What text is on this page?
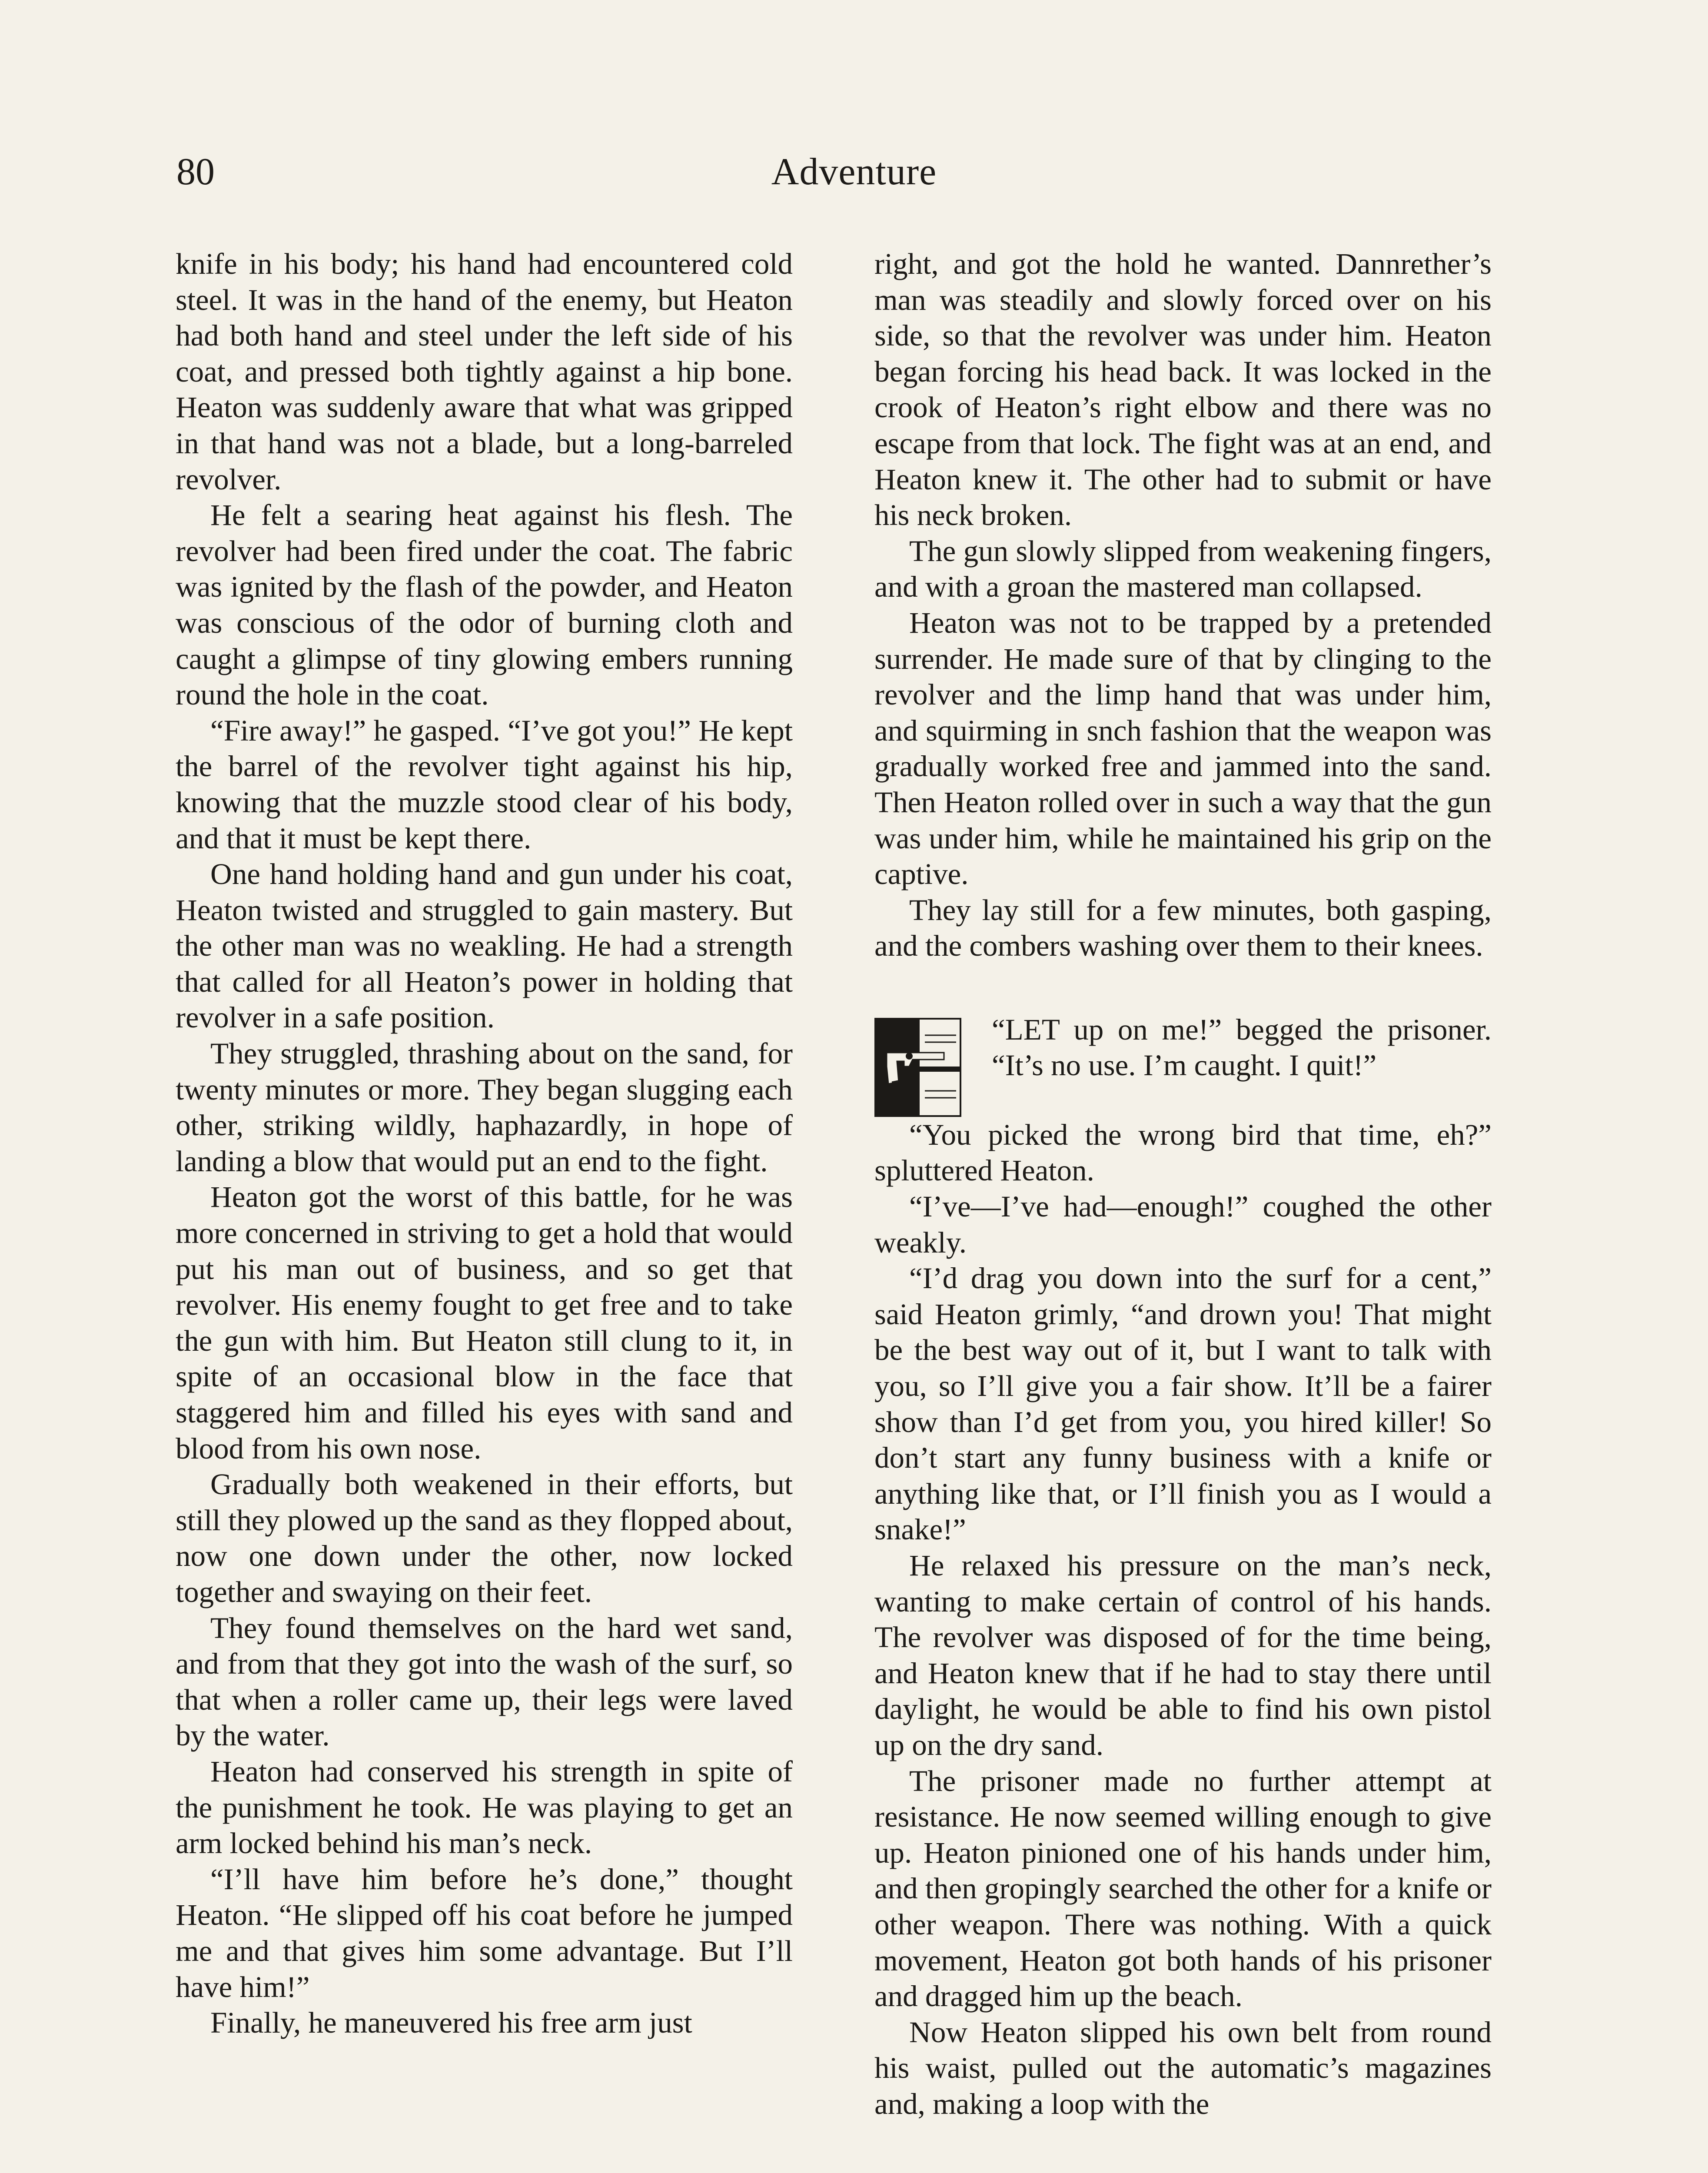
80	Adventure

knife in his body; his hand had encountered cold steel. It was in the hand of the enemy, but Heaton had both hand and steel under the left side of his coat, and pressed both tightly against a hip bone. Heaton was suddenly aware that what was gripped in that hand was not a blade, but a long-barreled revolver.

He felt a searing heat against his flesh. The revolver had been fired under the coat. The fabric was ignited by the flash of the powder, and Heaton was conscious of the odor of burning cloth and caught a glimpse of tiny glowing embers running round the hole in the coat.

“Fire away!” he gasped. “I’ve got you!” He kept the barrel of the revolver tight against his hip, knowing that the muzzle stood clear of his body, and that it must be kept there.

One hand holding hand and gun under his coat, Heaton twisted and struggled to gain mastery. But the other man was no weakling. He had a strength that called for all Heaton’s power in holding that revolver in a safe position.

They struggled, thrashing about on the sand, for twenty minutes or more. They began slugging each other, striking wildly, haphazardly, in hope of landing a blow that would put an end to the fight.

Heaton got the worst of this battle, for he was more concerned in striving to get a hold that would put his man out of business, and so get that revolver. His enemy fought to get free and to take the gun with him. But Heaton still clung to it, in spite of an occasional blow in the face that staggered him and filled his eyes with sand and blood from his own nose.

Gradually both weakened in their efforts, but still they plowed up the sand as they flopped about, now one down under the other, now locked together and swaying on their feet.

They found themselves on the hard wet sand, and from that they got into the wash of the surf, so that when a roller came up, their legs were laved by the water.

Heaton had conserved his strength in spite of the punishment he took. He was playing to get an arm locked behind his man’s neck.

“I’ll have him before he’s done,” thought Heaton. “He slipped off his coat before he jumped me and that gives him some advantage. But I’ll have him!”

Finally, he maneuvered his free arm just

right, and got the hold he wanted. Dannrether’s man was steadily and slowly forced over on his side, so that the revolver was under him. Heaton began forcing his head back. It was locked in the crook of Heaton’s right elbow and there was no escape from that lock. The fight was at an end, and Heaton knew it. The other had to submit or have his neck broken.

The gun slowly slipped from weakening fingers, and with a groan the mastered man collapsed.

Heaton was not to be trapped by a pretended surrender. He made sure of that by clinging to the revolver and the limp hand that was under him, and squirming in snch fashion that the weapon was gradually worked free and jammed into the sand. Then Heaton rolled over in such a way that the gun was under him, while he maintained his grip on the captive.

They lay still for a few minutes, both gasping, and the combers washing over them to their knees.

“LET up on me!” begged the prisoner. “It’s no use. I’m caught. I quit!”

“You picked the wrong bird that time, eh?” spluttered Heaton.

“I’ve—I’ve had—enough!” coughed the other weakly.

“I’d drag you down into the surf for a cent,” said Heaton grimly, “and drown you! That might be the best way out of it, but I want to talk with you, so I’ll give you a fair show. It’ll be a fairer show than I’d get from you, you hired killer! So don’t start any funny business with a knife or anything like that, or I’ll finish you as I would a snake!”

He relaxed his pressure on the man’s neck, wanting to make certain of control of his hands. The revolver was disposed of for the time being, and Heaton knew that if he had to stay there until daylight, he would be able to find his own pistol up on the dry sand.

The prisoner made no further attempt at resistance. He now seemed willing enough to give up. Heaton pinioned one of his hands under him, and then gropingly searched the other for a knife or other weapon. There was nothing. With a quick movement, Heaton got both hands of his prisoner and dragged him up the beach.

Now Heaton slipped his own belt from round his waist, pulled out the automatic’s magazines and, making a loop with the
